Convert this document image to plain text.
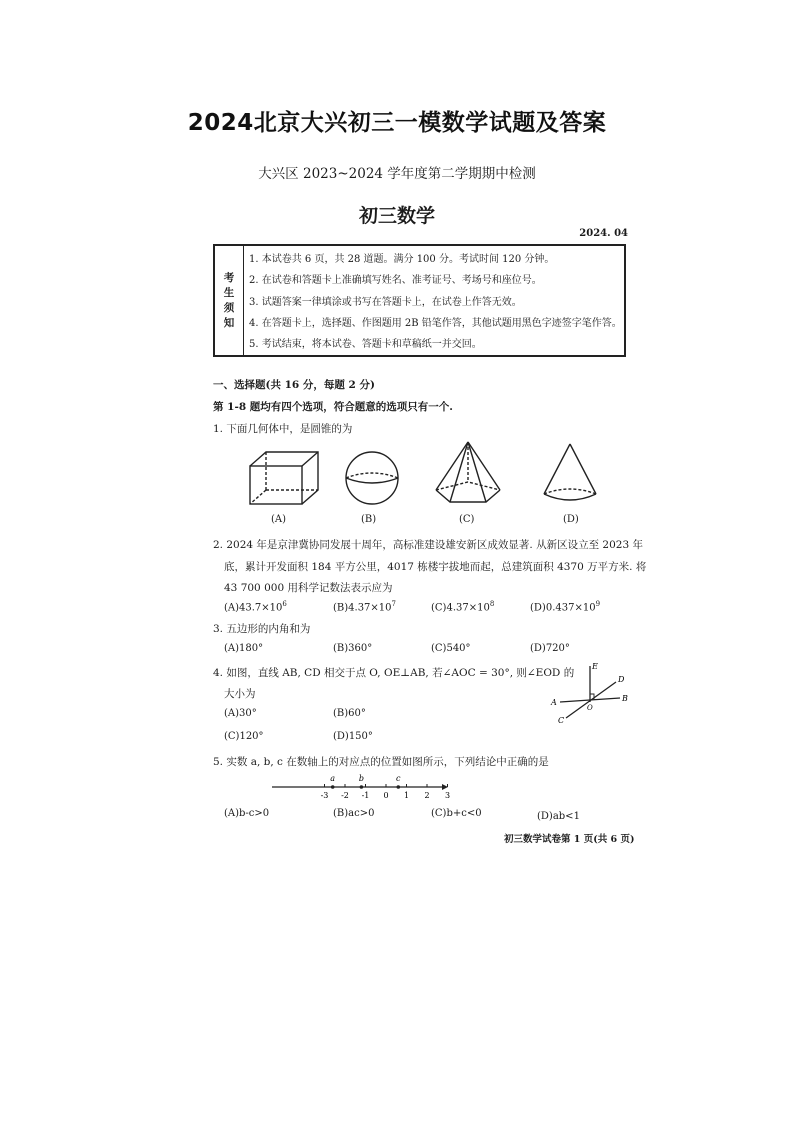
2024北京大兴初三一模数学试题及答案
大兴区 2023~2024 学年度第二学期期中检测
初三数学
2024. 04
考
生
须
知
1. 本试卷共 6 页，共 28 道题。满分 100 分。考试时间 120 分钟。
2. 在试卷和答题卡上准确填写姓名、准考证号、考场号和座位号。
3. 试题答案一律填涂或书写在答题卡上，在试卷上作答无效。
4. 在答题卡上，选择题、作图题用 2B 铅笔作答，其他试题用黑色字迹签字笔作答。
5. 考试结束，将本试卷、答题卡和草稿纸一并交回。
一、选择题(共 16 分，每题 2 分)
第 1-8 题均有四个选项，符合题意的选项只有一个.
1. 下面几何体中，是圆锥的为
(A)	(B)	(C)	(D)
2. 2024 年是京津冀协同发展十周年，高标准建设雄安新区成效显著. 从新区设立至 2023 年
底，累计开发面积 184 平方公里，4017 栋楼宇拔地而起，总建筑面积 4370 万平方米. 将
43 700 000 用科学记数法表示应为
$(A)43.7\times 10^6$	$(B)4.37\times 10^7$	$(C)4.37\times 10^8$	$(D)0.437\times 10^9$
3. 五边形的内角和为
(A)180°	(B)360°	(C)540°	(D)720°
4. 如图，直线 AB, CD 相交于点 O, OE⊥AB, 若∠AOC = 30°, 则∠EOD 的
大小为
(A)30°	(B)60°
(C)120°	(D)150°
E
D
A
O
B
C
5. 实数 a, b, c 在数轴上的对应点的位置如图所示，下列结论中正确的是
-3 -2 -1 0 1 2 3
a	b	c
(A)b-c>0	(B)ac>0	(C)b+c<0	(D)ab<1
初三数学试卷第 1 页(共 6 页)
